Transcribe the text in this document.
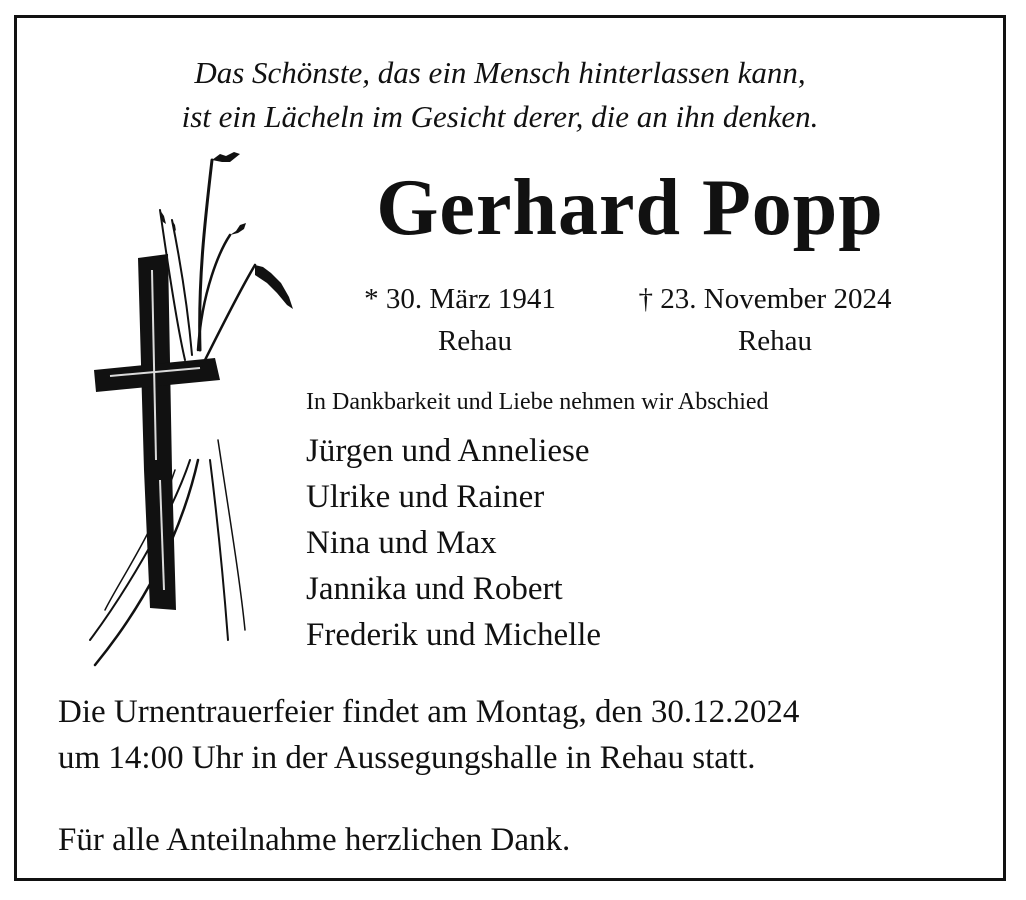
Das Schönste, das ein Mensch hinterlassen kann,
ist ein Lächeln im Gesicht derer, die an ihn denken.
Gerhard Popp
* 30. März 1941
Rehau
† 23. November 2024
Rehau
In Dankbarkeit und Liebe nehmen wir Abschied
Jürgen und Anneliese
Ulrike und Rainer
Nina und Max
Jannika und Robert
Frederik und Michelle
Die Urnentrauerfeier findet am Montag, den 30.12.2024
um 14:00 Uhr in der Aussegungshalle in Rehau statt.
Für alle Anteilnahme herzlichen Dank.
